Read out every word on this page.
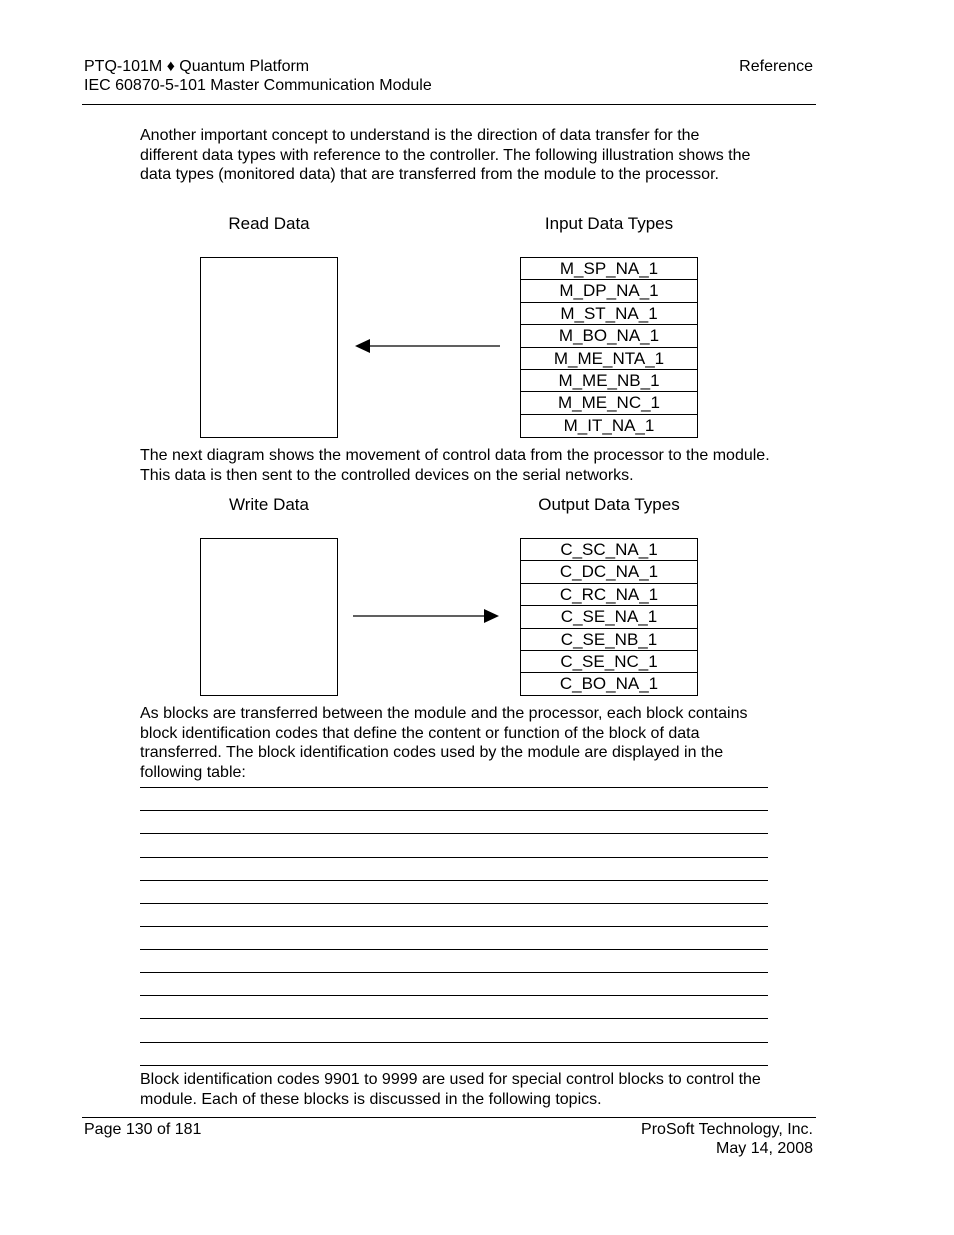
PTQ-101M ♦ Quantum Platform
IEC 60870-5-101 Master Communication Module
Reference
Another important concept to understand is the direction of data transfer for the different data types with reference to the controller. The following illustration shows the data types (monitored data) that are transferred from the module to the processor.
Read Data	Input Data Types
M_SP_NA_1
M_DP_NA_1
M_ST_NA_1
M_BO_NA_1
M_ME_NTA_1
M_ME_NB_1
M_ME_NC_1
M_IT_NA_1
The next diagram shows the movement of control data from the processor to the module. This data is then sent to the controlled devices on the serial networks.
Write Data	Output Data Types
C_SC_NA_1
C_DC_NA_1
C_RC_NA_1
C_SE_NA_1
C_SE_NB_1
C_SE_NC_1
C_BO_NA_1
As blocks are transferred between the module and the processor, each block contains block identification codes that define the content or function of the block of data transferred. The block identification codes used by the module are displayed in the following table:
Block identification codes 9901 to 9999 are used for special control blocks to control the module. Each of these blocks is discussed in the following topics.
Page 130 of 181	ProSoft Technology, Inc.
May 14, 2008
